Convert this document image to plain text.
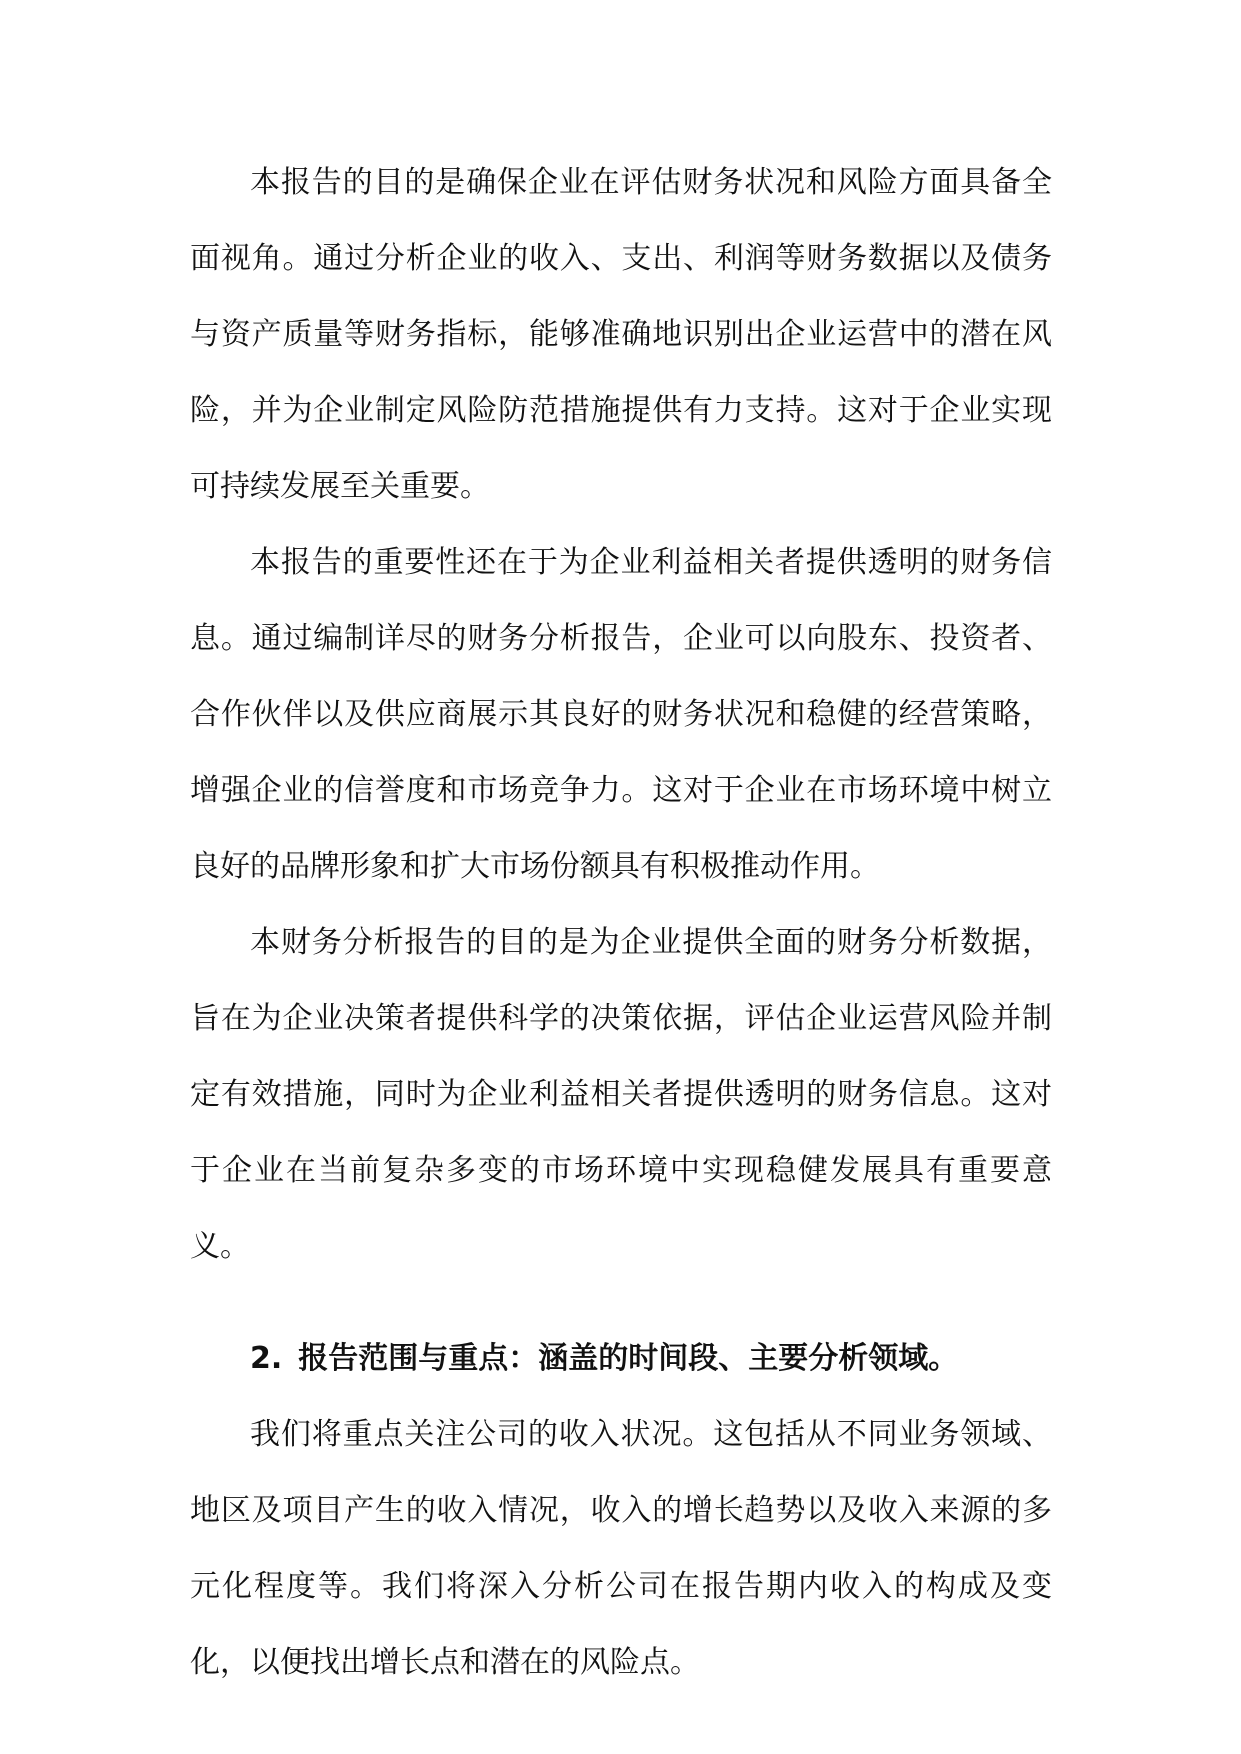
本报告的目的是确保企业在评估财务状况和风险方面具备全面视角。通过分析企业的收入、支出、利润等财务数据以及债务与资产质量等财务指标，能够准确地识别出企业运营中的潜在风险，并为企业制定风险防范措施提供有力支持。这对于企业实现可持续发展至关重要。

本报告的重要性还在于为企业利益相关者提供透明的财务信息。通过编制详尽的财务分析报告，企业可以向股东、投资者、合作伙伴以及供应商展示其良好的财务状况和稳健的经营策略，增强企业的信誉度和市场竞争力。这对于企业在市场环境中树立良好的品牌形象和扩大市场份额具有积极推动作用。

本财务分析报告的目的是为企业提供全面的财务分析数据，旨在为企业决策者提供科学的决策依据，评估企业运营风险并制定有效措施，同时为企业利益相关者提供透明的财务信息。这对于企业在当前复杂多变的市场环境中实现稳健发展具有重要意义。

2. 报告范围与重点：涵盖的时间段、主要分析领域。

我们将重点关注公司的收入状况。这包括从不同业务领域、地区及项目产生的收入情况，收入的增长趋势以及收入来源的多元化程度等。我们将深入分析公司在报告期内收入的构成及变化，以便找出增长点和潜在的风险点。
